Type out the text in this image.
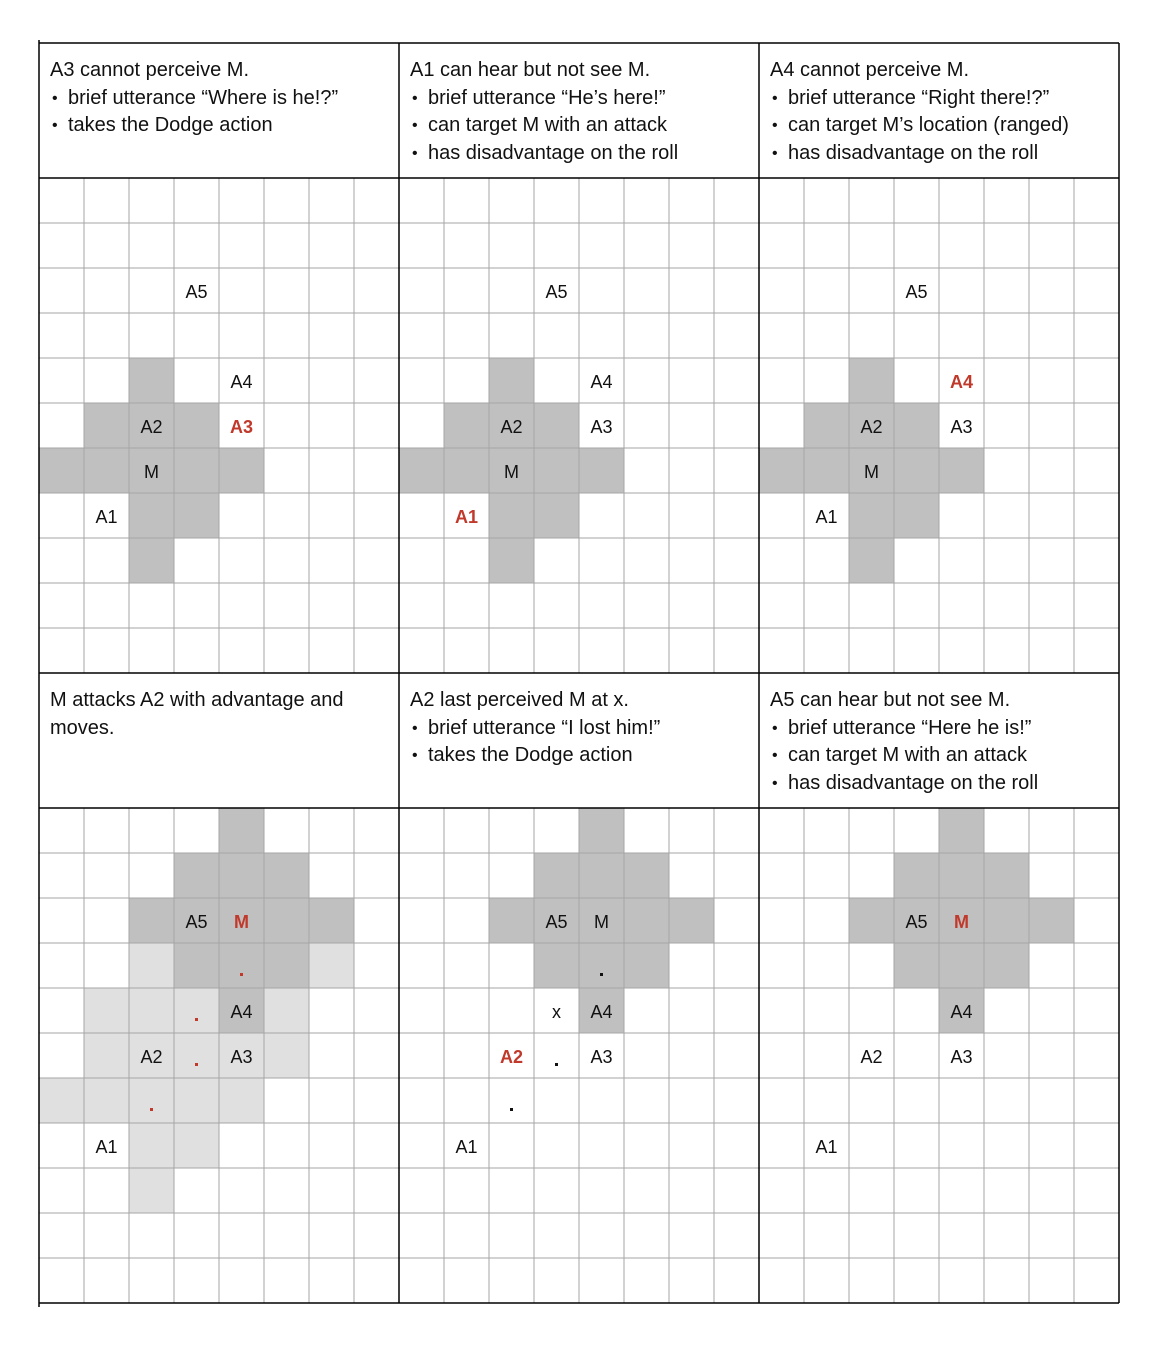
A5
A4
A2	A3
M
A1
A5
A4
A2	A3
M
A1
A5
A4
A2	A3
M
A1
A5 M
A4
A2	A3
A1
A5 M
x A4
A2	A3
A1
A5 M
A4
A2	A3
A1
A3 cannot perceive M.
• brief utterance “Where is he!?”
• takes the Dodge action
A1 can hear but not see M.
• brief utterance “He’s here!”
• can target M with an attack
• has disadvantage on the roll
A4 cannot perceive M.
• brief utterance “Right there!?”
• can target M’s location (ranged)
• has disadvantage on the roll
M attacks A2 with advantage and moves.
A2 last perceived M at x.
• brief utterance “I lost him!”
• takes the Dodge action
A5 can hear but not see M.
• brief utterance “Here he is!”
• can target M with an attack
• has disadvantage on the roll
